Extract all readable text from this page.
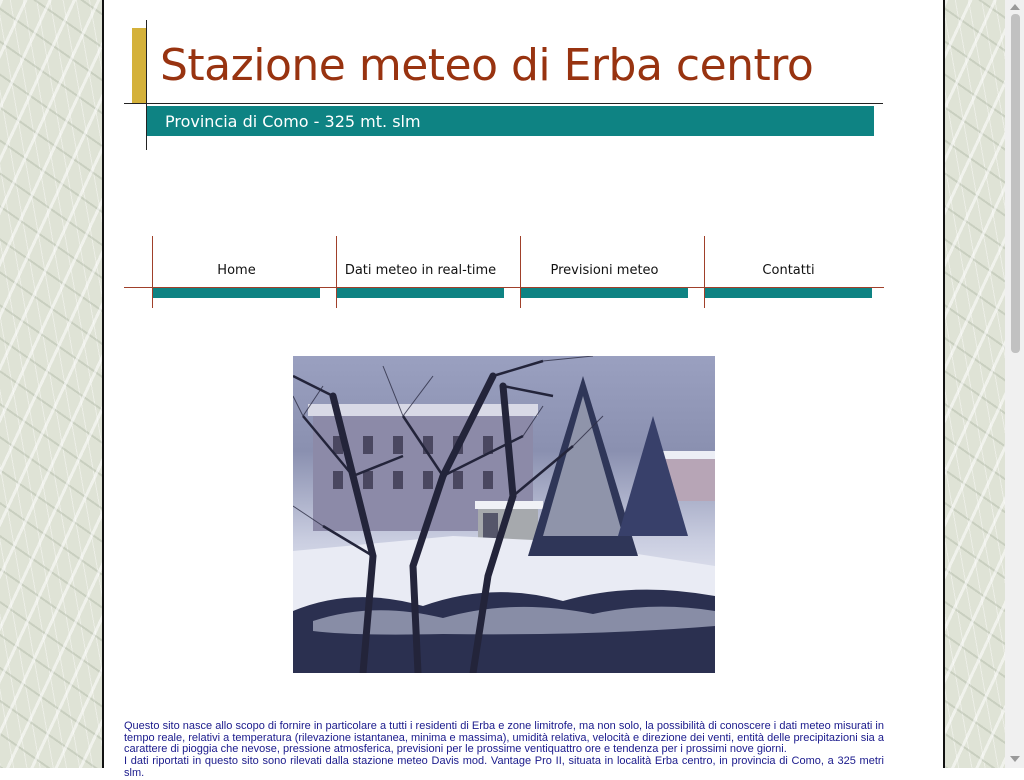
Stazione meteo di Erba centro
Provincia di Como - 325 mt. slm
Home	Dati meteo in real-time	Previsioni meteo	Contatti

Questo sito nasce allo scopo di fornire in particolare a tutti i residenti di Erba e zone limitrofe, ma non solo, la possibilità di conoscere i dati meteo misurati in tempo reale, relativi a temperatura (rilevazione istantanea, minima e massima), umidità relativa, velocità e direzione dei venti, entità delle precipitazioni sia a carattere di pioggia che nevose, pressione atmosferica, previsioni per le prossime ventiquattro ore e tendenza per i prossimi nove giorni.

I dati riportati in questo sito sono rilevati dalla stazione meteo Davis mod. Vantage Pro II, situata in località Erba centro, in provincia di Como, a 325 metri slm.
